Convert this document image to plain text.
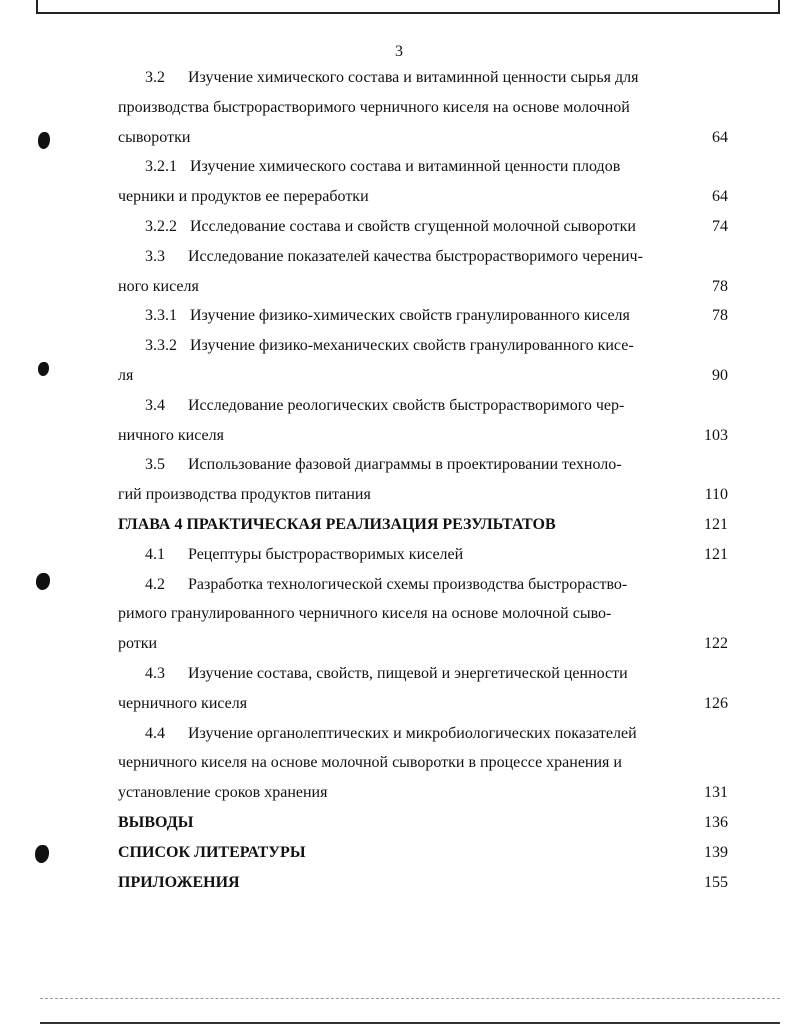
3
3.2 Изучение химического состава и витаминной ценности сырья для
производства быстрорастворимого черничного киселя на основе молочной
сыворотки	64
3.2.1 Изучение химического состава и витаминной ценности плодов
черники и продуктов ее переработки	64
3.2.2 Исследование состава и свойств сгущенной молочной сыворотки	74
3.3 Исследование показателей качества быстрорастворимого черенич-
ного киселя	78
3.3.1 Изучение физико-химических свойств гранулированного киселя	78
3.3.2 Изучение физико-механических свойств гранулированного кисе-
ля	90
3.4 Исследование реологических свойств быстрорастворимого чер-
ничного киселя	103
3.5 Использование фазовой диаграммы в проектировании техноло-
гий производства продуктов питания	110
ГЛАВА 4 ПРАКТИЧЕСКАЯ РЕАЛИЗАЦИЯ РЕЗУЛЬТАТОВ	121
4.1 Рецептуры быстрорастворимых киселей	121
4.2 Разработка технологической схемы производства быстрораство-
римого гранулированного черничного киселя на основе молочной сыво-
ротки	122
4.3 Изучение состава, свойств, пищевой и энергетической ценности
черничного киселя	126
4.4 Изучение органолептических и микробиологических показателей
черничного киселя на основе молочной сыворотки в процессе хранения и
установление сроков хранения	131
ВЫВОДЫ	136
СПИСОК ЛИТЕРАТУРЫ	139
ПРИЛОЖЕНИЯ	155
